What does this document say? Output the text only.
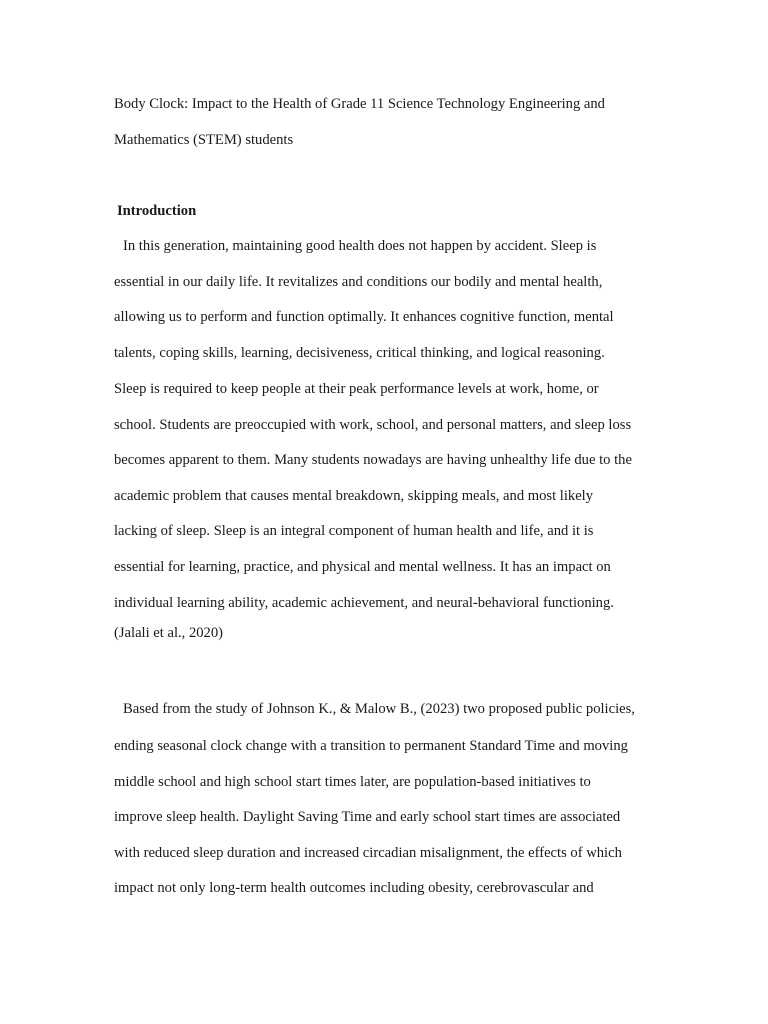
Body Clock: Impact to the Health of Grade 11 Science Technology Engineering and
Mathematics (STEM) students
Introduction
In this generation, maintaining good health does not happen by accident. Sleep is
essential in our daily life. It revitalizes and conditions our bodily and mental health,
allowing us to perform and function optimally. It enhances cognitive function, mental
talents, coping skills, learning, decisiveness, critical thinking, and logical reasoning.
Sleep is required to keep people at their peak performance levels at work, home, or
school. Students are preoccupied with work, school, and personal matters, and sleep loss
becomes apparent to them. Many students nowadays are having unhealthy life due to the
academic problem that causes mental breakdown, skipping meals, and most likely
lacking of sleep. Sleep is an integral component of human health and life, and it is
essential for learning, practice, and physical and mental wellness. It has an impact on
individual learning ability, academic achievement, and neural-behavioral functioning.
(Jalali et al., 2020)
Based from the study of Johnson K., & Malow B., (2023) two proposed public policies,
ending seasonal clock change with a transition to permanent Standard Time and moving
middle school and high school start times later, are population-based initiatives to
improve sleep health. Daylight Saving Time and early school start times are associated
with reduced sleep duration and increased circadian misalignment, the effects of which
impact not only long-term health outcomes including obesity, cerebrovascular and
